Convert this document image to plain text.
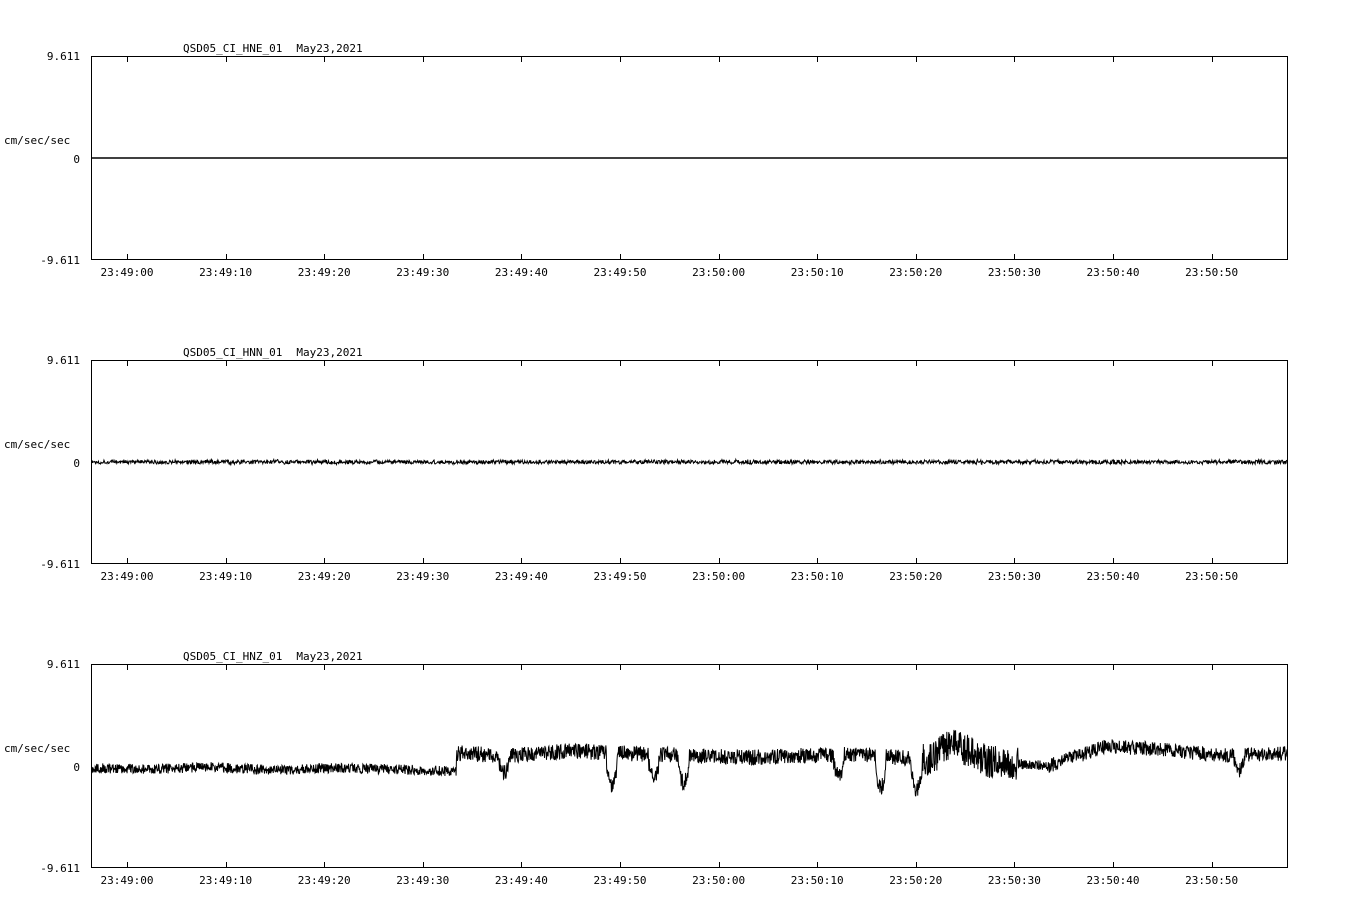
QSD05_CI_HNE_01 May23,2021
cm/sec/sec
9.611
0
-9.611
23:49:00	23:49:10	23:49:20	23:49:30	23:49:40	23:49:50	23:50:00	23:50:10	23:50:20	23:50:30	23:50:40	23:50:50
QSD05_CI_HNN_01 May23,2021
cm/sec/sec
9.611
0
-9.611
23:49:00	23:49:10	23:49:20	23:49:30	23:49:40	23:49:50	23:50:00	23:50:10	23:50:20	23:50:30	23:50:40	23:50:50
QSD05_CI_HNZ_01 May23,2021
cm/sec/sec
9.611
0
-9.611
23:49:00	23:49:10	23:49:20	23:49:30	23:49:40	23:49:50	23:50:00	23:50:10	23:50:20	23:50:30	23:50:40	23:50:50
